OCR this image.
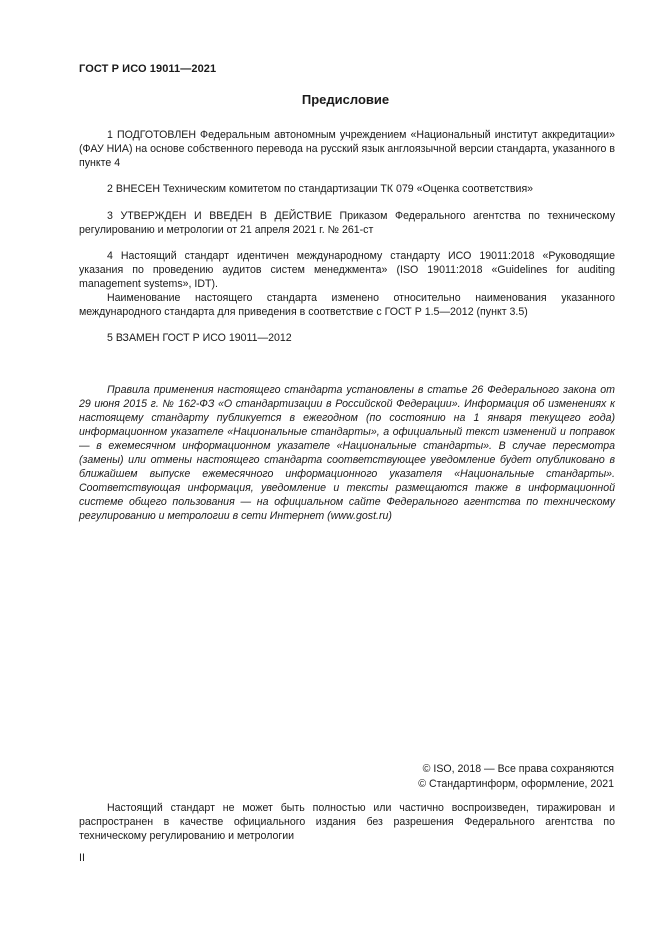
ГОСТ Р ИСО 19011—2021
Предисловие

1 ПОДГОТОВЛЕН Федеральным автономным учреждением «Национальный институт аккредитации» (ФАУ НИА) на основе собственного перевода на русский язык англоязычной версии стандарта, указанного в пункте 4

2 ВНЕСЕН Техническим комитетом по стандартизации ТК 079 «Оценка соответствия»

3 УТВЕРЖДЕН И ВВЕДЕН В ДЕЙСТВИЕ Приказом Федерального агентства по техническому регулированию и метрологии от 21 апреля 2021 г. № 261-ст

4 Настоящий стандарт идентичен международному стандарту ИСО 19011:2018 «Руководящие указания по проведению аудитов систем менеджмента» (ISO 19011:2018 «Guidelines for auditing management systems», IDT).

Наименование настоящего стандарта изменено относительно наименования указанного международного стандарта для приведения в соответствие с ГОСТ Р 1.5—2012 (пункт 3.5)

5 ВЗАМЕН ГОСТ Р ИСО 19011—2012

Правила применения настоящего стандарта установлены в статье 26 Федерального закона от 29 июня 2015 г. № 162-ФЗ «О стандартизации в Российской Федерации». Информация об изменениях к настоящему стандарту публикуется в ежегодном (по состоянию на 1 января текущего года) информационном указателе «Национальные стандарты», а официальный текст изменений и поправок — в ежемесячном информационном указателе «Национальные стандарты». В случае пересмотра (замены) или отмены настоящего стандарта соответствующее уведомление будет опубликовано в ближайшем выпуске ежемесячного информационного указателя «Национальные стандарты». Соответствующая информация, уведомление и тексты размещаются также в информационной системе общего пользования — на официальном сайте Федерального агентства по техническому регулированию и метрологии в сети Интернет (www.gost.ru)

© ISO, 2018 — Все права сохраняются
© Стандартинформ, оформление, 2021

Настоящий стандарт не может быть полностью или частично воспроизведен, тиражирован и распространен в качестве официального издания без разрешения Федерального агентства по техническому регулированию и метрологии

II
